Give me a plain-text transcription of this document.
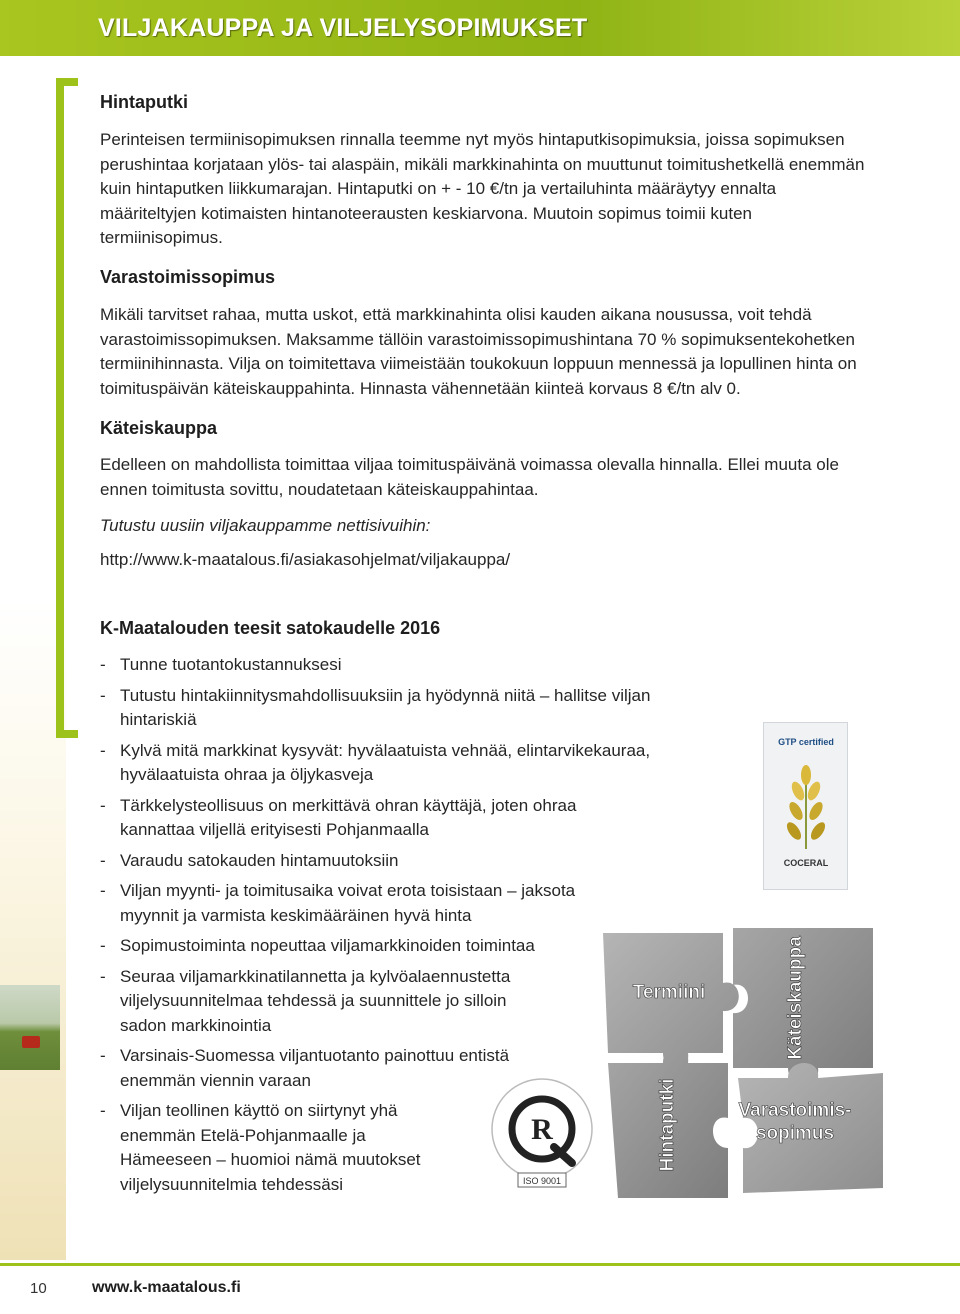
VILJAKAUPPA JA VILJELYSOPIMUKSET
Hintaputki

Perinteisen termiinisopimuksen rinnalla teemme nyt myös hintaputkisopimuksia, joissa sopimuksen perushintaa korjataan ylös- tai alaspäin, mikäli markkinahinta on muuttunut toimitushetkellä enemmän kuin hintaputken liikkumarajan. Hintaputki on + - 10 €/tn ja vertailuhinta määräytyy ennalta määriteltyjen kotimaisten hintanoteerausten keskiarvona. Muutoin sopimus toimii kuten termiinisopimus.

Varastoimissopimus

Mikäli tarvitset rahaa, mutta uskot, että markkinahinta olisi kauden aikana nousussa, voit tehdä varastoimissopimuksen. Maksamme tällöin varastoimissopimushintana 70 % sopimuksentekohetken termiinihinnasta. Vilja on toimitettava viimeistään toukokuun loppuun mennessä ja lopullinen hinta on toimituspäivän käteiskauppahinta. Hinnasta vähennetään kiinteä korvaus 8 €/tn alv 0.

Käteiskauppa

Edelleen on mahdollista toimittaa viljaa toimituspäivänä voimassa olevalla hinnalla. Ellei muuta ole ennen toimitusta sovittu, noudatetaan käteiskauppahintaa.

Tutustu uusiin viljakauppamme nettisivuihin:

http://www.k-maatalous.fi/asiakasohjelmat/viljakauppa/

K-Maatalouden teesit satokaudelle 2016
- Tunne tuotantokustannuksesi
- Tutustu hintakiinnitysmahdollisuuksiin ja hyödynnä niitä – hallitse viljan hintariskiä
- Kylvä mitä markkinat kysyvät: hyvälaatuista vehnää, elintarvikekauraa, hyvälaatuista ohraa ja öljykasveja
- Tärkkelysteollisuus on merkittävä ohran käyttäjä, joten ohraa kannattaa viljellä erityisesti Pohjanmaalla
- Varaudu satokauden hintamuutoksiin
- Viljan myynti- ja toimitusaika voivat erota toisistaan – jaksota myynnit ja varmista keskimääräinen hyvä hinta
- Sopimustoiminta nopeuttaa viljamarkkinoiden toimintaa
- Seuraa viljamarkkinatilannetta ja kylvöalaennustetta viljelysuunnitelmaa tehdessä ja suunnittele jo silloin sadon markkinointia
- Varsinais-Suomessa viljantuotanto painottuu entistä enemmän viennin varaan
- Viljan teollinen käyttö on siirtynyt yhä enemmän Etelä-Pohjanmaalle ja Hämeeseen – huomioi nämä muutokset viljelysuunnitelmia tehdessäsi
GTP certified
COCERAL
R
ISO 9001
Termiini	Käteiskauppa
Hintaputki	Varastoimis-
sopimus
10	www.k-maatalous.fi
